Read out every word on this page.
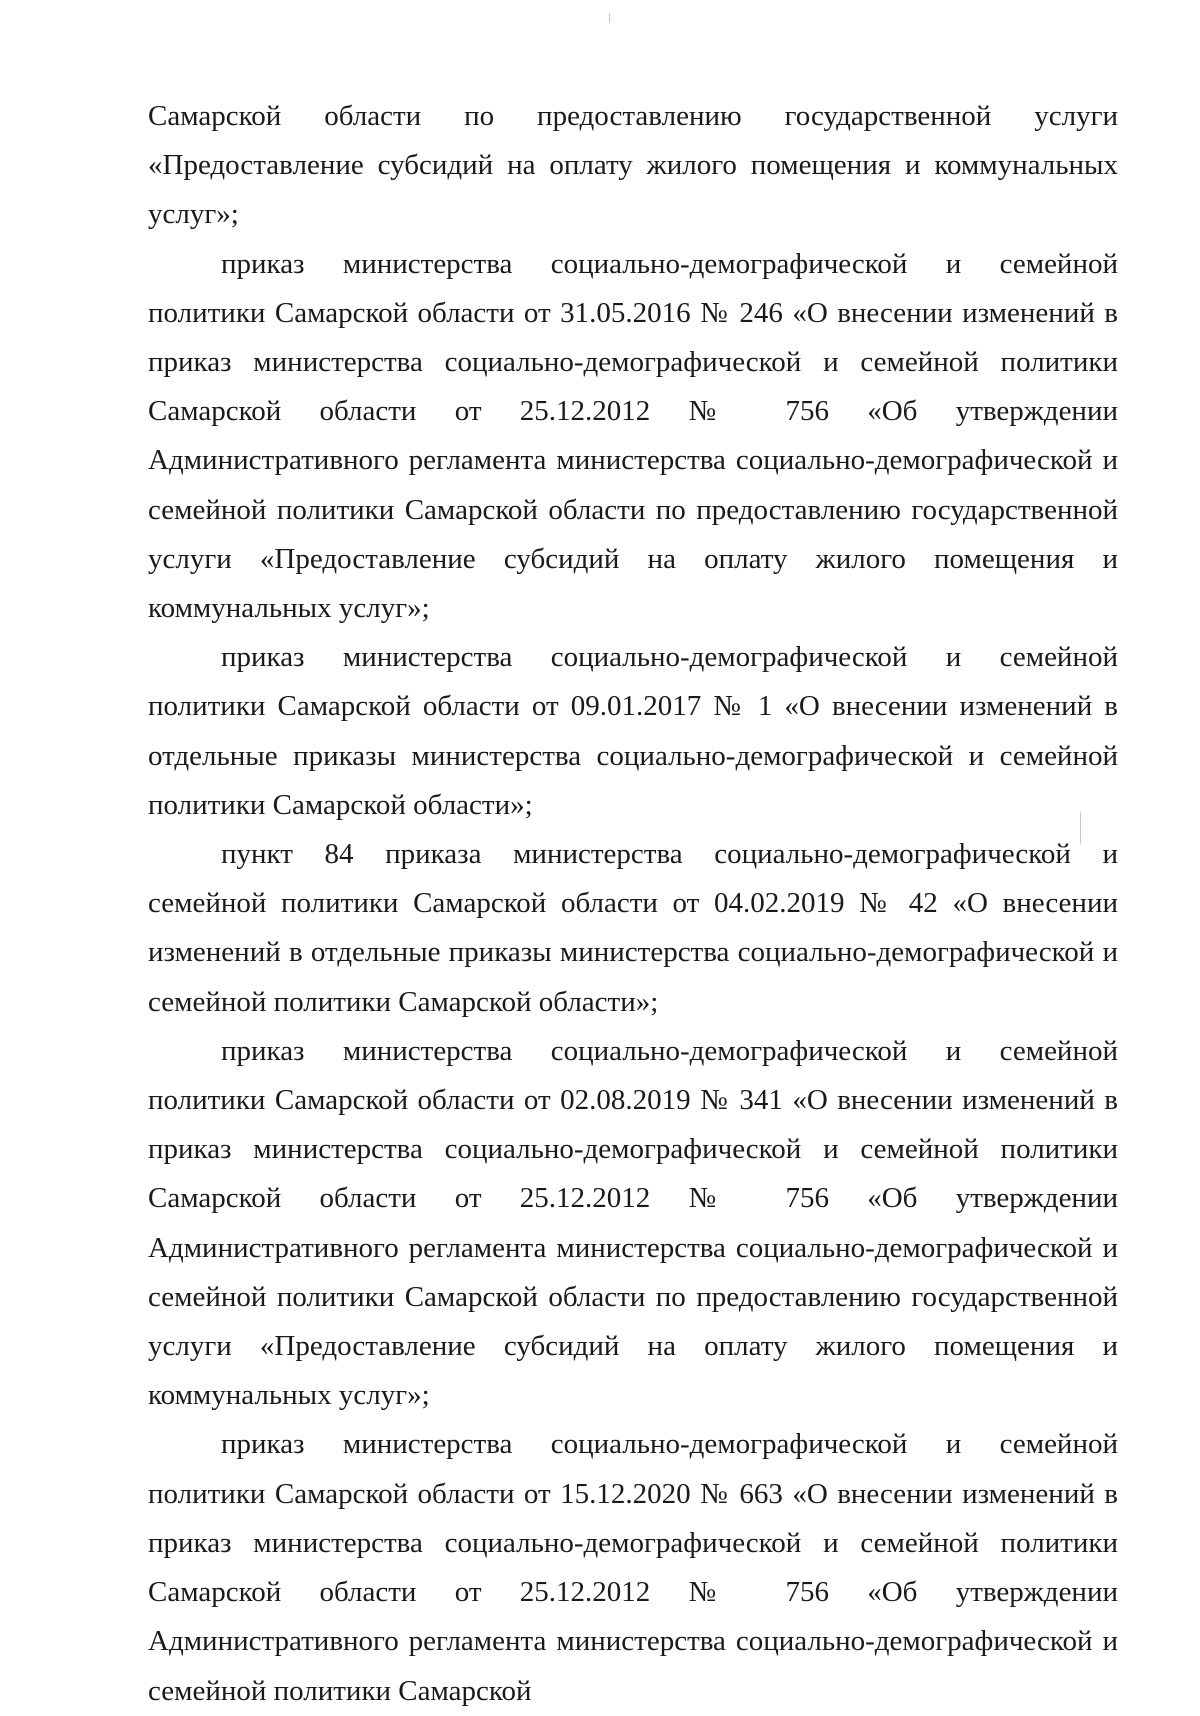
Самарской области по предоставлению государственной услуги «Предоставление субсидий на оплату жилого помещения и коммунальных услуг»;

приказ министерства социально-демографической и семейной политики Самарской области от 31.05.2016 № 246 «О внесении изменений в приказ министерства социально-демографической и семейной политики Самарской области от 25.12.2012 № 756 «Об утверждении Административного регламента министерства социально-демографической и семейной политики Самарской области по предоставлению государственной услуги «Предоставление субсидий на оплату жилого помещения и коммунальных услуг»;

приказ министерства социально-демографической и семейной политики Самарской области от 09.01.2017 № 1 «О внесении изменений в отдельные приказы министерства социально-демографической и семейной политики Самарской области»;

пункт 84 приказа министерства социально-демографической и семейной политики Самарской области от 04.02.2019 № 42 «О внесении изменений в отдельные приказы министерства социально-демографической и семейной политики Самарской области»;

приказ министерства социально-демографической и семейной политики Самарской области от 02.08.2019 № 341 «О внесении изменений в приказ министерства социально-демографической и семейной политики Самарской области от 25.12.2012 № 756 «Об утверждении Административного регламента министерства социально-демографической и семейной политики Самарской области по предоставлению государственной услуги «Предоставление субсидий на оплату жилого помещения и коммунальных услуг»;

приказ министерства социально-демографической и семейной политики Самарской области от 15.12.2020 № 663 «О внесении изменений в приказ министерства социально-демографической и семейной политики Самарской области от 25.12.2012 № 756 «Об утверждении Административного регламента министерства социально-демографической и семейной политики Самарской
